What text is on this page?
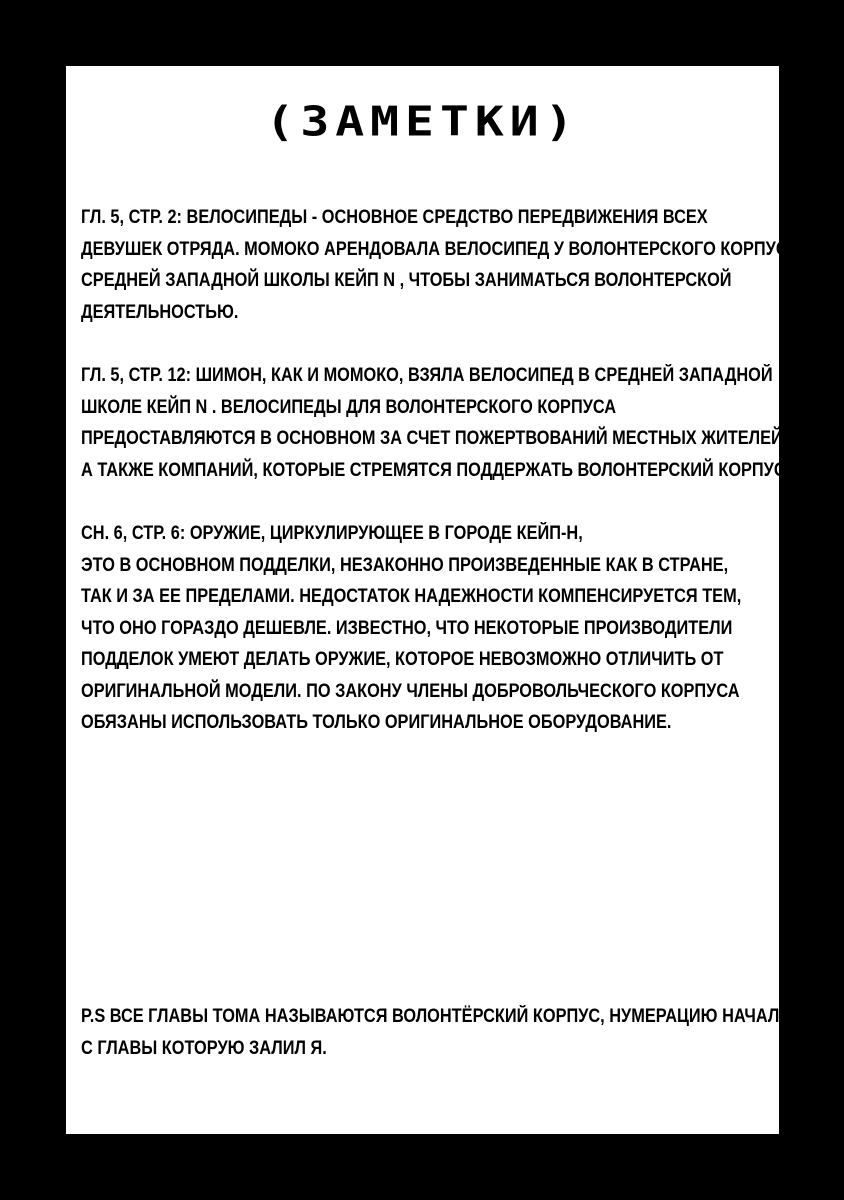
(ЗАМЕТКИ)
ГЛ. 5, СТР. 2: ВЕЛОСИПЕДЫ - ОСНОВНОЕ СРЕДСТВО ПЕРЕДВИЖЕНИЯ ВСЕХ
ДЕВУШЕК ОТРЯДА. МОМОКО АРЕНДОВАЛА ВЕЛОСИПЕД У ВОЛОНТЕРСКОГО КОРПУСА
СРЕДНЕЙ ЗАПАДНОЙ ШКОЛЫ КЕЙП N , ЧТОБЫ ЗАНИМАТЬСЯ ВОЛОНТЕРСКОЙ
ДЕЯТЕЛЬНОСТЬЮ.
ГЛ. 5, СТР. 12: ШИМОН, КАК И МОМОКО, ВЗЯЛА ВЕЛОСИПЕД В СРЕДНЕЙ ЗАПАДНОЙ
ШКОЛЕ КЕЙП N . ВЕЛОСИПЕДЫ ДЛЯ ВОЛОНТЕРСКОГО КОРПУСА
ПРЕДОСТАВЛЯЮТСЯ В ОСНОВНОМ ЗА СЧЕТ ПОЖЕРТВОВАНИЙ МЕСТНЫХ ЖИТЕЛЕЙ,
А ТАКЖЕ КОМПАНИЙ, КОТОРЫЕ СТРЕМЯТСЯ ПОДДЕРЖАТЬ ВОЛОНТЕРСКИЙ КОРПУС.
СН. 6, СТР. 6: ОРУЖИЕ, ЦИРКУЛИРУЮЩЕЕ В ГОРОДЕ КЕЙП-Н,
ЭТО В ОСНОВНОМ ПОДДЕЛКИ, НЕЗАКОННО ПРОИЗВЕДЕННЫЕ КАК В СТРАНЕ,
ТАК И ЗА ЕЕ ПРЕДЕЛАМИ. НЕДОСТАТОК НАДЕЖНОСТИ КОМПЕНСИРУЕТСЯ ТЕМ,
ЧТО ОНО ГОРАЗДО ДЕШЕВЛЕ. ИЗВЕСТНО, ЧТО НЕКОТОРЫЕ ПРОИЗВОДИТЕЛИ
ПОДДЕЛОК УМЕЮТ ДЕЛАТЬ ОРУЖИЕ, КОТОРОЕ НЕВОЗМОЖНО ОТЛИЧИТЬ ОТ
ОРИГИНАЛЬНОЙ МОДЕЛИ. ПО ЗАКОНУ ЧЛЕНЫ ДОБРОВОЛЬЧЕСКОГО КОРПУСА
ОБЯЗАНЫ ИСПОЛЬЗОВАТЬ ТОЛЬКО ОРИГИНАЛЬНОЕ ОБОРУДОВАНИЕ.
P.S ВСЕ ГЛАВЫ ТОМА НАЗЫВАЮТСЯ ВОЛОНТЁРСКИЙ КОРПУС, НУМЕРАЦИЮ НАЧАЛ
С ГЛАВЫ КОТОРУЮ ЗАЛИЛ Я.
